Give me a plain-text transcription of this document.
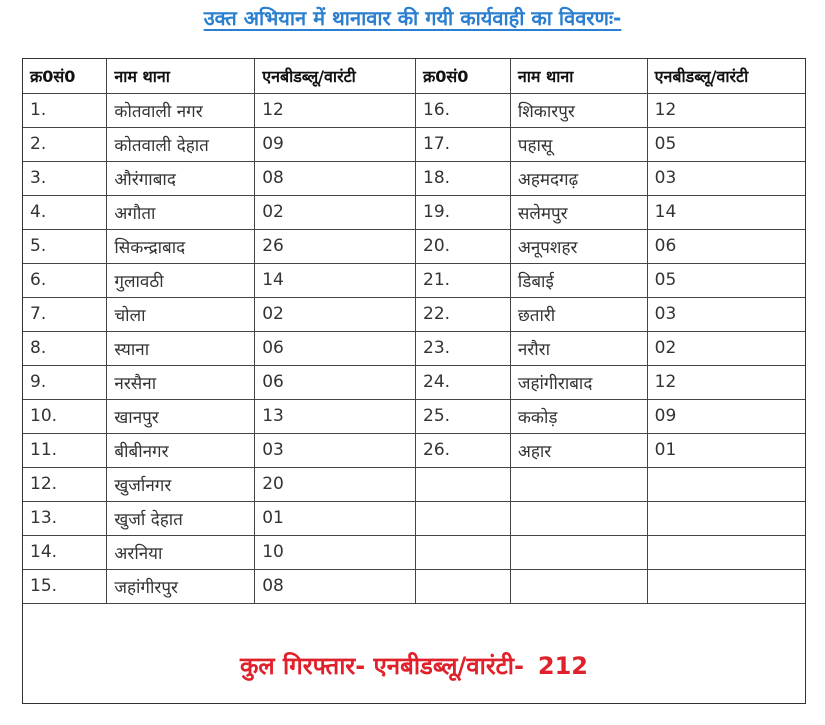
उक्त अभियान में थानावार की गयी कार्यवाही का विवरणः-
क्र0सं0	नाम थाना	एनबीडब्लू/वारंटी	क्र0सं0	नाम थाना	एनबीडब्लू/वारंटी
1.	कोतवाली नगर	12	16.	शिकारपुर	12
2.	कोतवाली देहात	09	17.	पहासू	05
3.	औरंगाबाद	08	18.	अहमदगढ़	03
4.	अगौता	02	19.	सलेमपुर	14
5.	सिकन्द्राबाद	26	20.	अनूपशहर	06
6.	गुलावठी	14	21.	डिबाई	05
7.	चोला	02	22.	छतारी	03
8.	स्याना	06	23.	नरौरा	02
9.	नरसैना	06	24.	जहांगीराबाद	12
10.	खानपुर	13	25.	ककोड़	09
11.	बीबीनगर	03	26.	अहार	01
12.	खुर्जानगर	20			
13.	खुर्जा देहात	01			
14.	अरनिया	10			
15.	जहांगीरपुर	08			
कुल गिरफ्तार- एनबीडब्लू/वारंटी- 212
